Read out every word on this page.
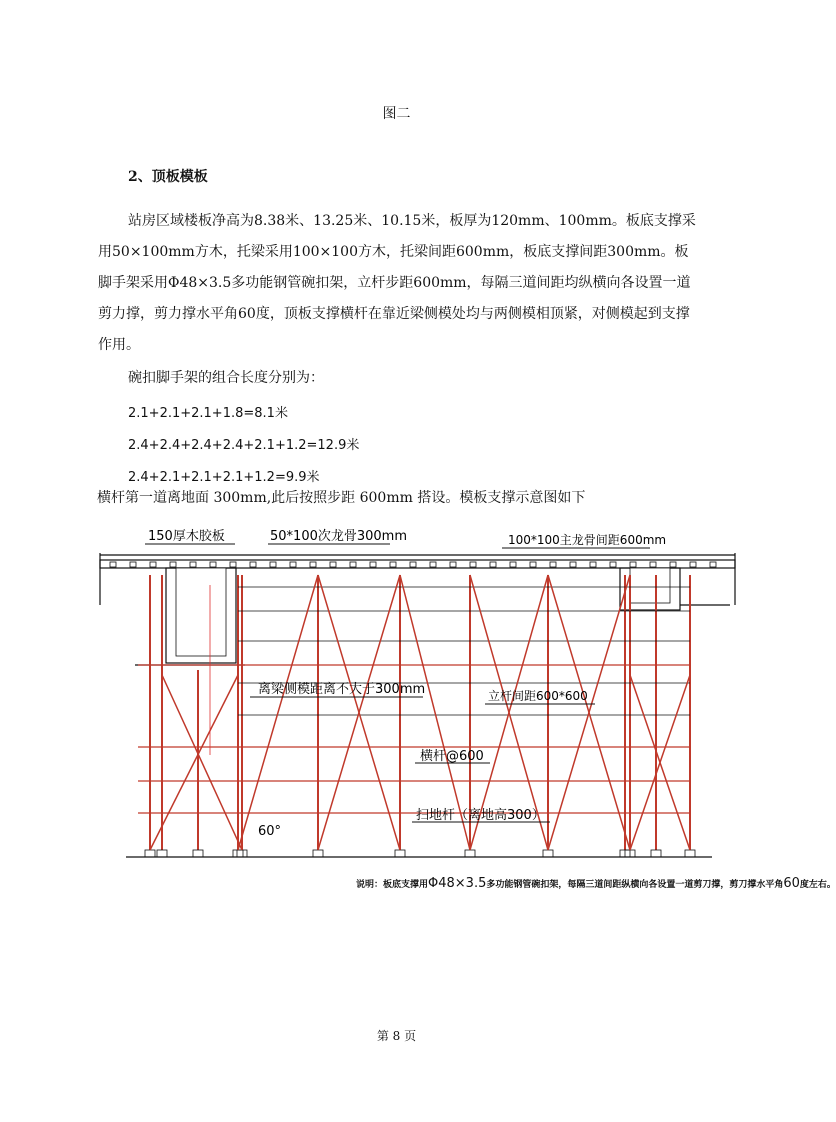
图二
2、顶板模板
站房区域楼板净高为8.38米、13.25米、10.15米，板厚为120mm、100mm。板底支撑采用50×100mm方木，托梁采用100×100方木，托梁间距600mm，板底支撑间距300mm。板脚手架采用Φ48×3.5多功能钢管碗扣架，立杆步距600mm，每隔三道间距均纵横向各设置一道剪力撑，剪力撑水平角60度，顶板支撑横杆在靠近梁侧模处均与两侧模相顶紧，对侧模起到支撑作用。
碗扣脚手架的组合长度分别为：
2.1+2.1+2.1+1.8=8.1米
2.4+2.4+2.4+2.4+2.1+1.2=12.9米
2.4+2.1+2.1+2.1+1.2=9.9米
横杆第一道离地面 300mm,此后按照步距 600mm 搭设。模板支撑示意图如下
150厚木胶板	50*100次龙骨300mm	100*100主龙骨间距600mm
离梁侧模距离不大于300mm	立杆间距600*600
横杆@600
扫地杆（离地高300）
60°
说明：板底支撑用Φ48×3.5多功能钢管碗扣架，每隔三道间距纵横向各设置一道剪刀撑，剪刀撑水平角60度左右。
第 8 页
